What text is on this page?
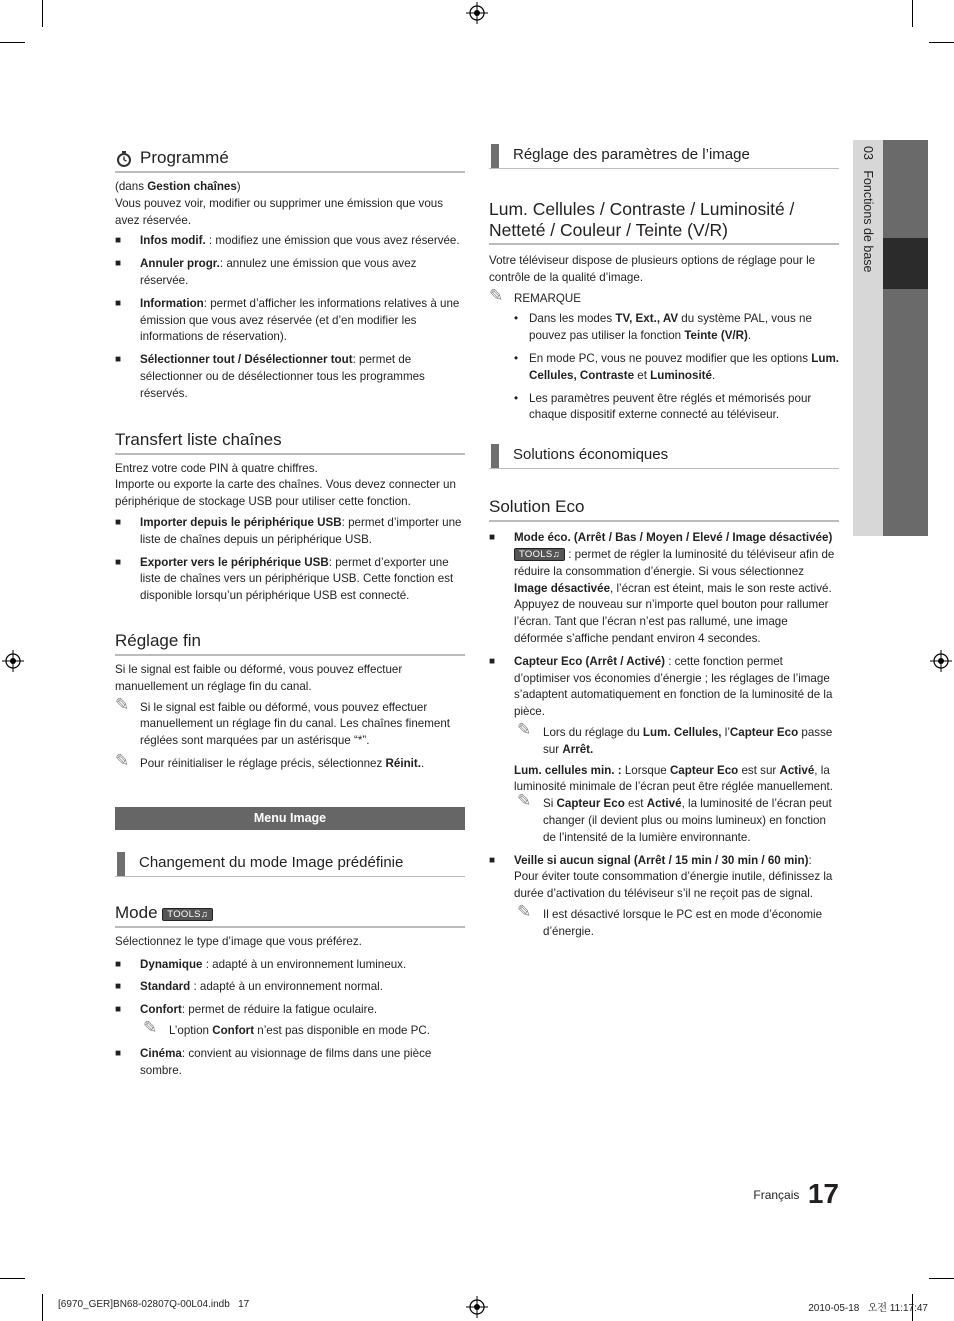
03   Fonctions de base
Programmé

(dans Gestion chaînes)

Vous pouvez voir, modifier ou supprimer une émission que vous avez réservée.

■ Infos modif. : modifiez une émission que vous avez réservée.
■ Annuler progr.: annulez une émission que vous avez réservée.
■ Information: permet d’afficher les informations relatives à une émission que vous avez réservée (et d’en modifier les informations de réservation).
■ Sélectionner tout / Désélectionner tout: permet de sélectionner ou de désélectionner tous les programmes réservés.
Transfert liste chaînes

Entrez votre code PIN à quatre chiffres.

Importe ou exporte la carte des chaînes. Vous devez connecter un périphérique de stockage USB pour utiliser cette fonction.

■ Importer depuis le périphérique USB: permet d’importer une liste de chaînes depuis un périphérique USB.
■ Exporter vers le périphérique USB: permet d’exporter une liste de chaînes vers un périphérique USB. Cette fonction est disponible lorsqu’un périphérique USB est connecté.
Réglage fin

Si le signal est faible ou déformé, vous pouvez effectuer manuellement un réglage fin du canal.

✎ Si le signal est faible ou déformé, vous pouvez effectuer manuellement un réglage fin du canal. Les chaînes finement réglées sont marquées par un astérisque “*”.
✎ Pour réinitialiser le réglage précis, sélectionnez Réinit..
Menu Image
Changement du mode Image prédéfinie
Mode TOOLS♫

Sélectionnez le type d’image que vous préférez.

■ Dynamique : adapté à un environnement lumineux.
■ Standard : adapté à un environnement normal.
■ Confort: permet de réduire la fatigue oculaire.
✎ L’option Confort n’est pas disponible en mode PC.
■ Cinéma: convient au visionnage de films dans une pièce sombre.
Réglage des paramètres de l’image
Lum. Cellules / Contraste / Luminosité / Netteté / Couleur / Teinte (V/R)

Votre téléviseur dispose de plusieurs options de réglage pour le contrôle de la qualité d’image.

✎ REMARQUE
• Dans les modes TV, Ext., AV du système PAL, vous ne pouvez pas utiliser la fonction Teinte (V/R).
• En mode PC, vous ne pouvez modifier que les options Lum. Cellules, Contraste et Luminosité.
• Les paramètres peuvent être réglés et mémorisés pour chaque dispositif externe connecté au téléviseur.
Solutions économiques
Solution Eco
■ Mode éco. (Arrêt / Bas / Moyen / Elevé / Image désactivée) TOOLS♫ : permet de régler la luminosité du téléviseur afin de réduire la consommation d’énergie. Si vous sélectionnez Image désactivée, l’écran est éteint, mais le son reste activé. Appuyez de nouveau sur n’importe quel bouton pour rallumer l’écran. Tant que l’écran n’est pas rallumé, une image déformée s’affiche pendant environ 4 secondes.
■ Capteur Eco (Arrêt / Activé) : cette fonction permet d’optimiser vos économies d’énergie ; les réglages de l’image s’adaptent automatiquement en fonction de la luminosité de la pièce.
✎ Lors du réglage du Lum. Cellules, l’Capteur Eco passe sur Arrêt.
Lum. cellules min. : Lorsque Capteur Eco est sur Activé, la luminosité minimale de l’écran peut être réglée manuellement.
✎ Si Capteur Eco est Activé, la luminosité de l’écran peut changer (il devient plus ou moins lumineux) en fonction de l’intensité de la lumière environnante.
■ Veille si aucun signal (Arrêt / 15 min / 30 min / 60 min): Pour éviter toute consommation d’énergie inutile, définissez la durée d’activation du téléviseur s’il ne reçoit pas de signal.
✎ Il est désactivé lorsque le PC est en mode d’économie d’énergie.
$^{Français}$ 17
[6970_GER]BN68-02807Q-00L04.indb   17	2010-05-18   오전 11:17:47
